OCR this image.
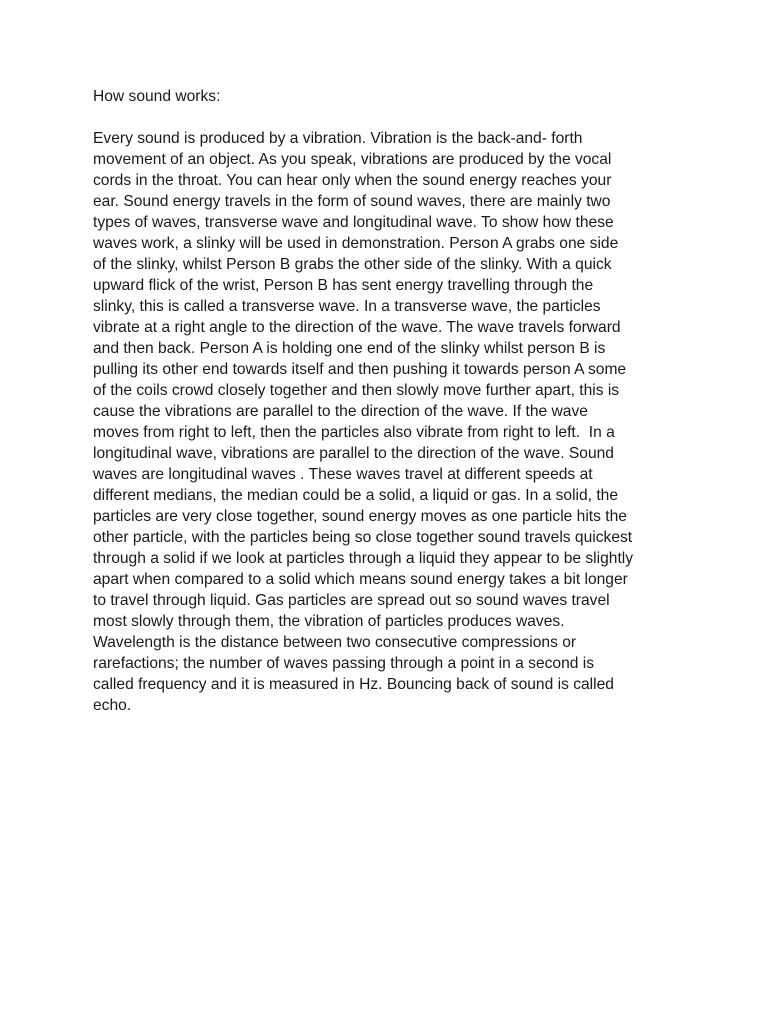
How sound works:

Every sound is produced by a vibration. Vibration is the back-and- forth
movement of an object. As you speak, vibrations are produced by the vocal
cords in the throat. You can hear only when the sound energy reaches your
ear. Sound energy travels in the form of sound waves, there are mainly two
types of waves, transverse wave and longitudinal wave. To show how these
waves work, a slinky will be used in demonstration. Person A grabs one side
of the slinky, whilst Person B grabs the other side of the slinky. With a quick
upward flick of the wrist, Person B has sent energy travelling through the
slinky, this is called a transverse wave. In a transverse wave, the particles
vibrate at a right angle to the direction of the wave. The wave travels forward
and then back. Person A is holding one end of the slinky whilst person B is
pulling its other end towards itself and then pushing it towards person A some
of the coils crowd closely together and then slowly move further apart, this is
cause the vibrations are parallel to the direction of the wave. If the wave
moves from right to left, then the particles also vibrate from right to left.  In a
longitudinal wave, vibrations are parallel to the direction of the wave. Sound
waves are longitudinal waves . These waves travel at different speeds at
different medians, the median could be a solid, a liquid or gas. In a solid, the
particles are very close together, sound energy moves as one particle hits the
other particle, with the particles being so close together sound travels quickest
through a solid if we look at particles through a liquid they appear to be slightly
apart when compared to a solid which means sound energy takes a bit longer
to travel through liquid. Gas particles are spread out so sound waves travel
most slowly through them, the vibration of particles produces waves.
Wavelength is the distance between two consecutive compressions or
rarefactions; the number of waves passing through a point in a second is
called frequency and it is measured in Hz. Bouncing back of sound is called
echo.
